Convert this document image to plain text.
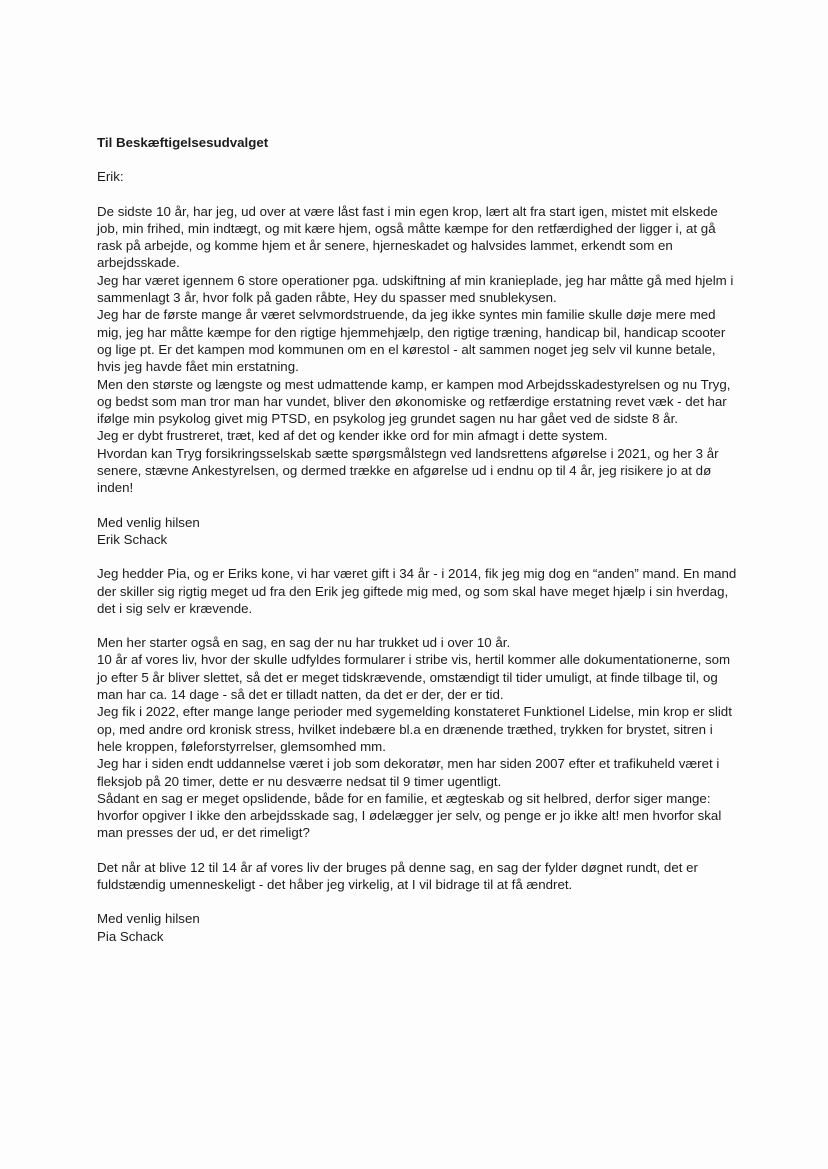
Til Beskæftigelsesudvalget

Erik:

De sidste 10 år, har jeg, ud over at være låst fast i min egen krop, lært alt fra start igen, mistet mit elskede job, min frihed, min indtægt, og mit kære hjem, også måtte kæmpe for den retfærdighed der ligger i, at gå rask på arbejde, og komme hjem et år senere, hjerneskadet og halvsides lammet, erkendt som en arbejdsskade.

Jeg har været igennem 6 store operationer pga. udskiftning af min kranieplade, jeg har måtte gå med hjelm i sammenlagt 3 år, hvor folk på gaden råbte, Hey du spasser med snublekysen.

Jeg har de første mange år været selvmordstruende, da jeg ikke syntes min familie skulle døje mere med mig, jeg har måtte kæmpe for den rigtige hjemmehjælp, den rigtige træning, handicap bil, handicap scooter og lige pt. Er det kampen mod kommunen om en el kørestol - alt sammen noget jeg selv vil kunne betale, hvis jeg havde fået min erstatning.

Men den største og længste og mest udmattende kamp, er kampen mod Arbejdsskadestyrelsen og nu Tryg, og bedst som man tror man har vundet, bliver den økonomiske og retfærdige erstatning revet væk - det har ifølge min psykolog givet mig PTSD, en psykolog jeg grundet sagen nu har gået ved de sidste 8 år.

Jeg er dybt frustreret, træt, ked af det og kender ikke ord for min afmagt i dette system.

Hvordan kan Tryg forsikringsselskab sætte spørgsmålstegn ved landsrettens afgørelse i 2021, og her 3 år senere, stævne Ankestyrelsen, og dermed trække en afgørelse ud i endnu op til 4 år, jeg risikere jo at dø inden!

Med venlig hilsen

Erik Schack

Jeg hedder Pia, og er Eriks kone, vi har været gift i 34 år - i 2014, fik jeg mig dog en “anden” mand. En mand der skiller sig rigtig meget ud fra den Erik jeg giftede mig med, og som skal have meget hjælp i sin hverdag, det i sig selv er krævende.

Men her starter også en sag, en sag der nu har trukket ud i over 10 år.

10 år af vores liv, hvor der skulle udfyldes formularer i stribe vis, hertil kommer alle dokumentationerne, som jo efter 5 år bliver slettet, så det er meget tidskrævende, omstændigt til tider umuligt, at finde tilbage til, og man har ca. 14 dage - så det er tilladt natten, da det er der, der er tid.

Jeg fik i 2022, efter mange lange perioder med sygemelding konstateret Funktionel Lidelse, min krop er slidt op, med andre ord kronisk stress, hvilket indebære bl.a en drænende træthed, trykken for brystet, sitren i hele kroppen, føleforstyrrelser, glemsomhed mm.

Jeg har i siden endt uddannelse været i job som dekoratør, men har siden 2007 efter et trafikuheld været i fleksjob på 20 timer, dette er nu desværre nedsat til 9 timer ugentligt.

Sådant en sag er meget opslidende, både for en familie, et ægteskab og sit helbred, derfor siger mange: hvorfor opgiver I ikke den arbejdsskade sag, I ødelægger jer selv, og penge er jo ikke alt! men hvorfor skal man presses der ud, er det rimeligt?

Det når at blive 12 til 14 år af vores liv der bruges på denne sag, en sag der fylder døgnet rundt, det er fuldstændig umenneskeligt - det håber jeg virkelig, at I vil bidrage til at få ændret.

Med venlig hilsen

Pia Schack
